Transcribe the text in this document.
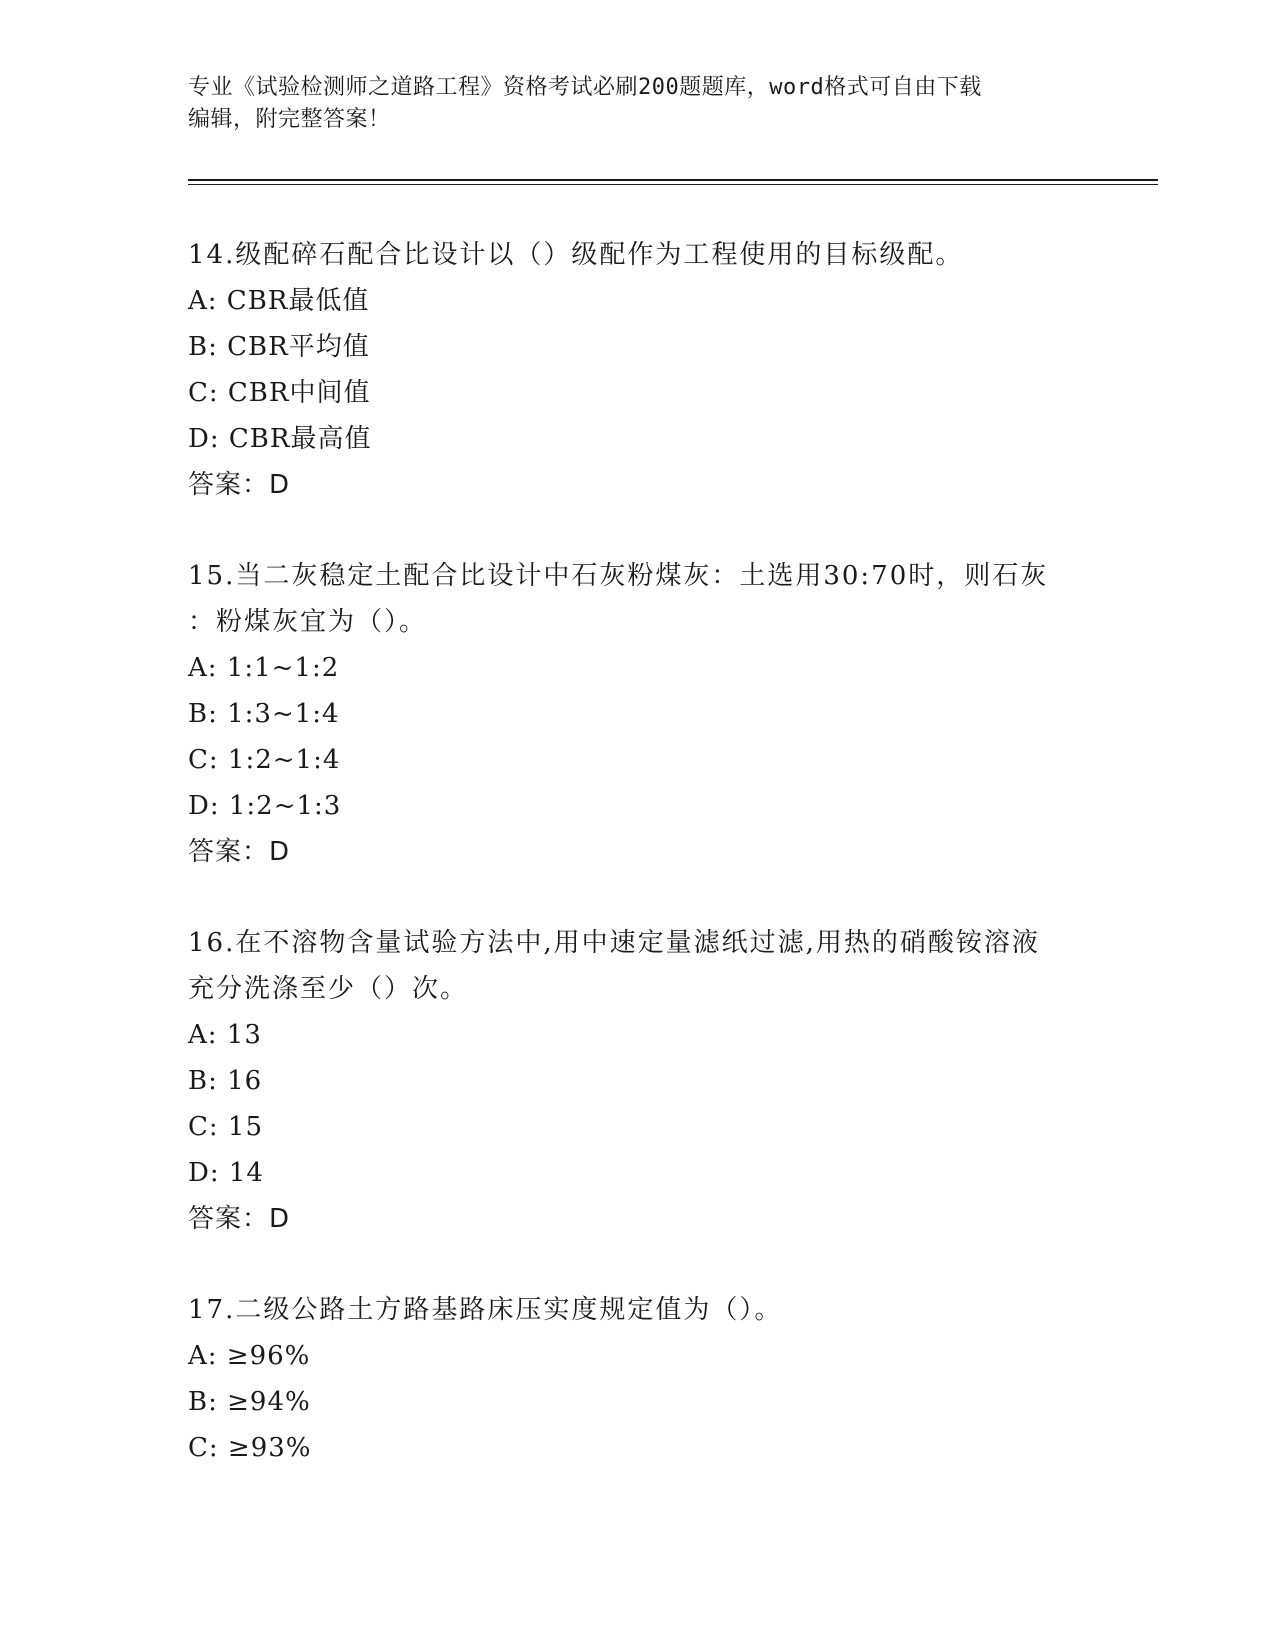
专业《试验检测师之道路工程》资格考试必刷200题题库，word格式可自由下载
编辑，附完整答案！

14.级配碎石配合比设计以（）级配作为工程使用的目标级配。

A: CBR最低值

B: CBR平均值

C: CBR中间值

D: CBR最高值

答案：D

15.当二灰稳定土配合比设计中石灰粉煤灰：土选用30:70时，则石灰

：粉煤灰宜为（）。

A: 1:1~1:2

B: 1:3~1:4

C: 1:2~1:4

D: 1:2~1:3

答案：D

16.在不溶物含量试验方法中,用中速定量滤纸过滤,用热的硝酸铵溶液

充分洗涤至少（）次。

A: 13

B: 16

C: 15

D: 14

答案：D

17.二级公路土方路基路床压实度规定值为（）。

A: ≥96%

B: ≥94%

C: ≥93%
